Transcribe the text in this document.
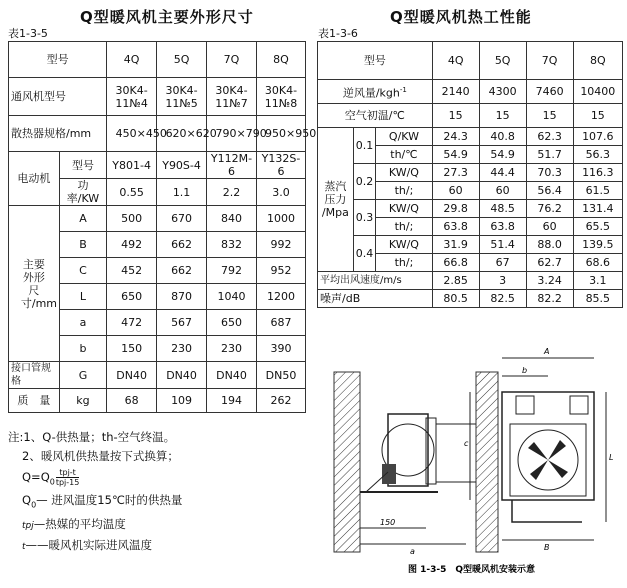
Q型暖风机主要外形尺寸
表1-3-5
型号		4Q	5Q	7Q	8Q
通风机型号		30K4-11№4	30K4-11№5	30K4-11№7	30K4-11№8
散热器规格/mm		450×450	620×620	790×790	950×950
电动机	型号	Y801-4	Y90S-4	Y112M-6	Y132S-6
	功率/KW	0.55	1.1	2.2	3.0
主要外形尺寸/mm	A	500	670	840	1000
	B	492	662	832	992
	C	452	662	792	952
	L	650	870	1040	1200
	a	472	567	650	687
	b	150	230	230	390
接口管规格	G	DN40	DN40	DN40	DN50
质　量	kg	68	109	194	262
Q型暖风机热工性能
表1-3-6
型号			4Q	5Q	7Q	8Q
逆风量/kgh$^{-1}$			2140	4300	7460	10400
空气初温/℃			15	15	15	15

蒸汽
压力
/Mpa	0.1	Q/KW	24.3	40.8	62.3	107.6
		th/℃	54.9	54.9	51.7	56.3
	0.2	KW/Q	27.3	44.4	70.3	116.3
		th/;	60	60	56.4	61.5
	0.3	KW/Q	29.8	48.5	76.2	131.4
		th/;	63.8	63.8	60	65.5
	0.4	KW/Q	31.9	51.4	88.0	139.5
		th/;	66.8	67	62.7	68.6
平均出风速度/m/s			2.85	3	3.24	3.1
噪声/dB			80.5	82.5	82.2	85.5
注:1、Q-供热量；th-空气终温。
2、暖风机供热量按下式换算；
$Q=Q_0 \frac{\text{tpj-t}}{\text{tpj-15}}$
$Q_0—$ 进风温度15℃时的供热量
tpj—热媒的平均温度
t——暖风机实际进风温度
A
b
B
150
a
c
L
图 1-3-5　Q型暖风机安装示意
